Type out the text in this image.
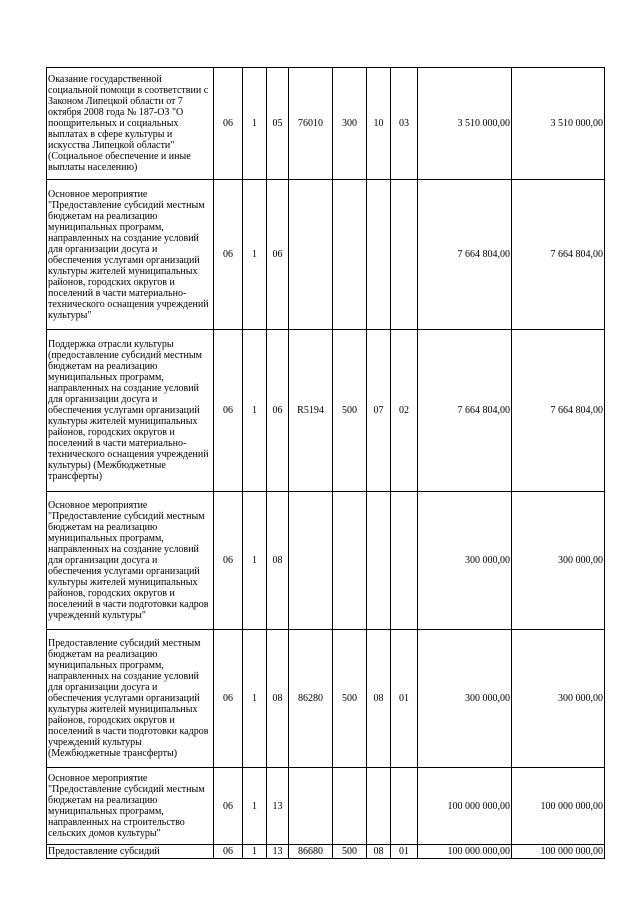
Оказание государственной социальной помощи в соответствии с Законом Липецкой области от 7 октября 2008 года № 187-ОЗ "О поощрительных и социальных выплатах в сфере культуры и искусства Липецкой области" (Социальное обеспечение и иные выплаты населению)	06	1	05	76010	300	10	03	3 510 000,00	3 510 000,00
Основное мероприятие "Предоставление субсидий местным бюджетам на реализацию муниципальных программ, направленных на создание условий для организации досуга и обеспечения услугами организаций культуры жителей муниципальных районов, городских округов и поселений в части материально-технического оснащения учреждений культуры"	06	1	06					7 664 804,00	7 664 804,00
Поддержка отрасли культуры (предоставление субсидий местным бюджетам на реализацию муниципальных программ, направленных на создание условий для организации досуга и обеспечения услугами организаций культуры жителей муниципальных районов, городских округов и поселений в части материально-технического оснащения учреждений культуры) (Межбюджетные трансферты)	06	1	06	R5194	500	07	02	7 664 804,00	7 664 804,00
Основное мероприятие "Предоставление субсидий местным бюджетам на реализацию муниципальных программ, направленных на создание условий для организации досуга и обеспечения услугами организаций культуры жителей муниципальных районов, городских округов и поселений в части подготовки кадров учреждений культуры"	06	1	08					300 000,00	300 000,00
Предоставление субсидий местным бюджетам на реализацию муниципальных программ, направленных на создание условий для организации досуга и обеспечения услугами организаций культуры жителей муниципальных районов, городских округов и поселений в части подготовки кадров учреждений культуры (Межбюджетные трансферты)	06	1	08	86280	500	08	01	300 000,00	300 000,00
Основное мероприятие "Предоставление субсидий местным бюджетам на реализацию муниципальных программ, направленных на строительство сельских домов культуры"	06	1	13					100 000 000,00	100 000 000,00
Предоставление субсидий	06	1	13	86680	500	08	01	100 000 000,00	100 000 000,00
